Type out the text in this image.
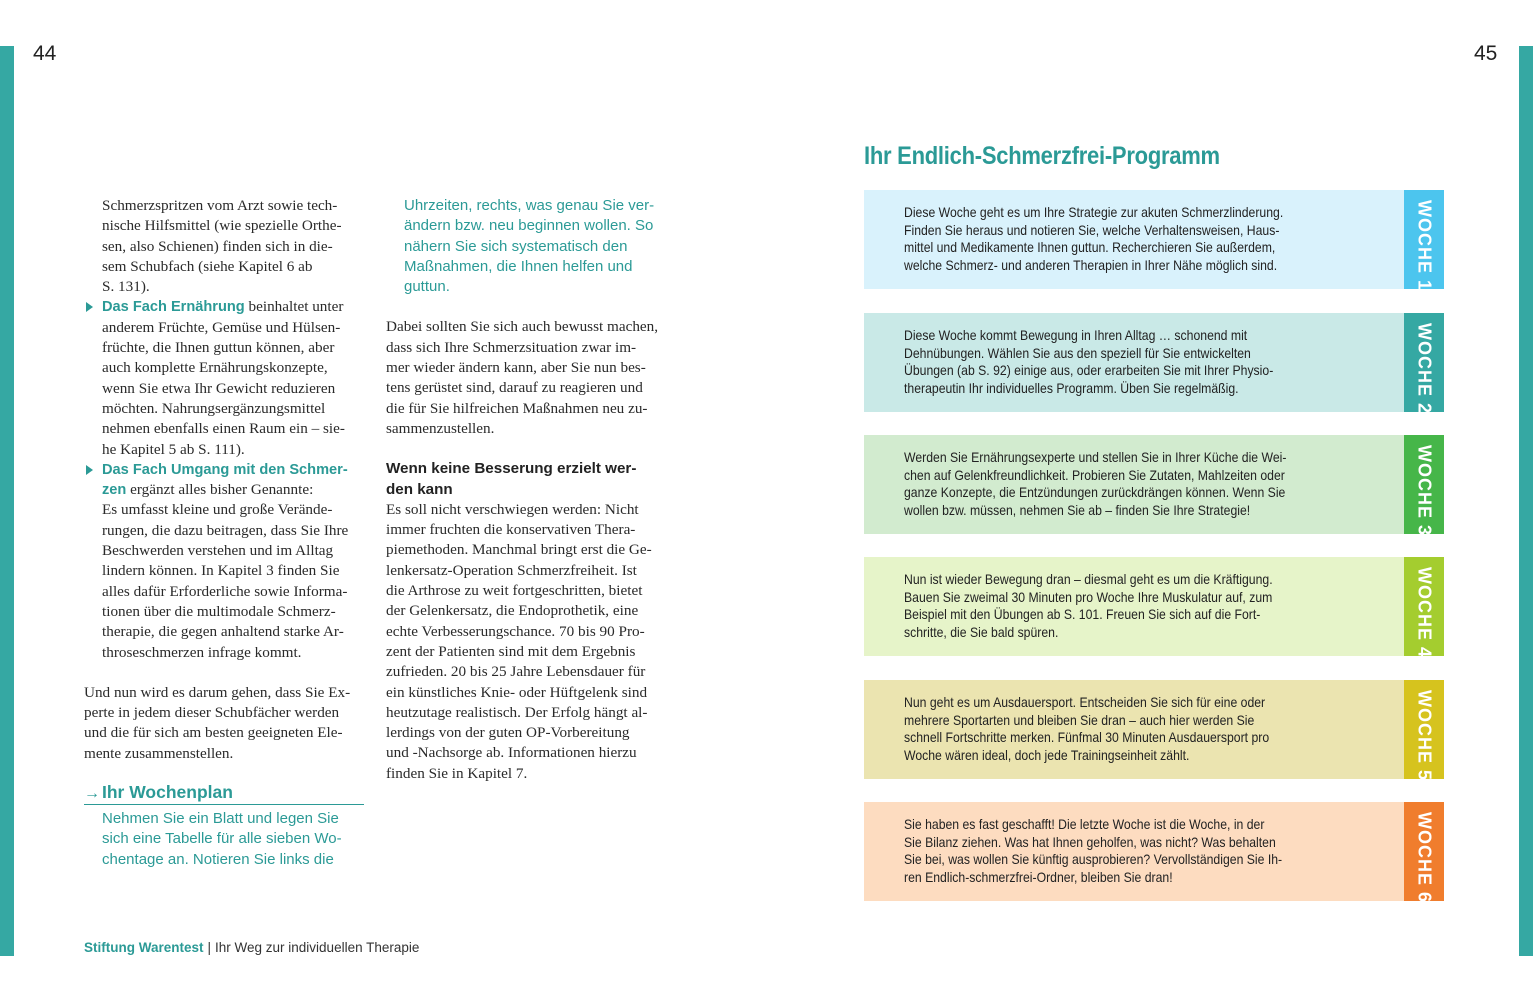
44	45
Schmerzspritzen vom Arzt sowie tech-
nische Hilfsmittel (wie spezielle Orthe-
sen, also Schienen) finden sich in die-
sem Schubfach (siehe Kapitel 6 ab
S. 131).
Das Fach Ernährung beinhaltet unter
anderem Früchte, Gemüse und Hülsen-
früchte, die Ihnen guttun können, aber
auch komplette Ernährungskonzepte,
wenn Sie etwa Ihr Gewicht reduzieren
möchten. Nahrungsergänzungsmittel
nehmen ebenfalls einen Raum ein – sie-
he Kapitel 5 ab S. 111).
Das Fach Umgang mit den Schmer-
zen ergänzt alles bisher Genannte:
Es umfasst kleine und große Verände-
rungen, die dazu beitragen, dass Sie Ihre
Beschwerden verstehen und im Alltag
lindern können. In Kapitel 3 finden Sie
alles dafür Erforderliche sowie Informa-
tionen über die multimodale Schmerz-
therapie, die gegen anhaltend starke Ar-
throseschmerzen infrage kommt.
Und nun wird es darum gehen, dass Sie Ex-
perte in jedem dieser Schubfächer werden
und die für sich am besten geeigneten Ele-
mente zusammenstellen.
→ Ihr Wochenplan
Nehmen Sie ein Blatt und legen Sie
sich eine Tabelle für alle sieben Wo-
chentage an. Notieren Sie links die
Uhrzeiten, rechts, was genau Sie ver-
ändern bzw. neu beginnen wollen. So
nähern Sie sich systematisch den
Maßnahmen, die Ihnen helfen und
guttun.
Dabei sollten Sie sich auch bewusst machen,
dass sich Ihre Schmerzsituation zwar im-
mer wieder ändern kann, aber Sie nun bes-
tens gerüstet sind, darauf zu reagieren und
die für Sie hilfreichen Maßnahmen neu zu-
sammenzustellen.
Wenn keine Besserung erzielt wer-
den kann
Es soll nicht verschwiegen werden: Nicht
immer fruchten die konservativen Thera-
piemethoden. Manchmal bringt erst die Ge-
lenkersatz-Operation Schmerzfreiheit. Ist
die Arthrose zu weit fortgeschritten, bietet
der Gelenkersatz, die Endoprothetik, eine
echte Verbesserungschance. 70 bis 90 Pro-
zent der Patienten sind mit dem Ergebnis
zufrieden. 20 bis 25 Jahre Lebensdauer für
ein künstliches Knie- oder Hüftgelenk sind
heutzutage realistisch. Der Erfolg hängt al-
lerdings von der guten OP-Vorbereitung
und -Nachsorge ab. Informationen hierzu
finden Sie in Kapitel 7.
Stiftung Warentest | Ihr Weg zur individuellen Therapie
Ihr Endlich-Schmerzfrei-Programm
Diese Woche geht es um Ihre Strategie zur akuten Schmerzlinderung.
Finden Sie heraus und notieren Sie, welche Verhaltensweisen, Haus-
mittel und Medikamente Ihnen guttun. Recherchieren Sie außerdem,
welche Schmerz- und anderen Therapien in Ihrer Nähe möglich sind.	WOCHE 1
Diese Woche kommt Bewegung in Ihren Alltag … schonend mit
Dehnübungen. Wählen Sie aus den speziell für Sie entwickelten
Übungen (ab S. 92) einige aus, oder erarbeiten Sie mit Ihrer Physio-
therapeutin Ihr individuelles Programm. Üben Sie regelmäßig.	WOCHE 2
Werden Sie Ernährungsexperte und stellen Sie in Ihrer Küche die Wei-
chen auf Gelenkfreundlichkeit. Probieren Sie Zutaten, Mahlzeiten oder
ganze Konzepte, die Entzündungen zurückdrängen können. Wenn Sie
wollen bzw. müssen, nehmen Sie ab – finden Sie Ihre Strategie!	WOCHE 3
Nun ist wieder Bewegung dran – diesmal geht es um die Kräftigung.
Bauen Sie zweimal 30 Minuten pro Woche Ihre Muskulatur auf, zum
Beispiel mit den Übungen ab S. 101. Freuen Sie sich auf die Fort-
schritte, die Sie bald spüren.	WOCHE 4
Nun geht es um Ausdauersport. Entscheiden Sie sich für eine oder
mehrere Sportarten und bleiben Sie dran – auch hier werden Sie
schnell Fortschritte merken. Fünfmal 30 Minuten Ausdauersport pro
Woche wären ideal, doch jede Trainingseinheit zählt.	WOCHE 5
Sie haben es fast geschafft! Die letzte Woche ist die Woche, in der
Sie Bilanz ziehen. Was hat Ihnen geholfen, was nicht? Was behalten
Sie bei, was wollen Sie künftig ausprobieren? Vervollständigen Sie Ih-
ren Endlich-schmerzfrei-Ordner, bleiben Sie dran!	WOCHE 6
